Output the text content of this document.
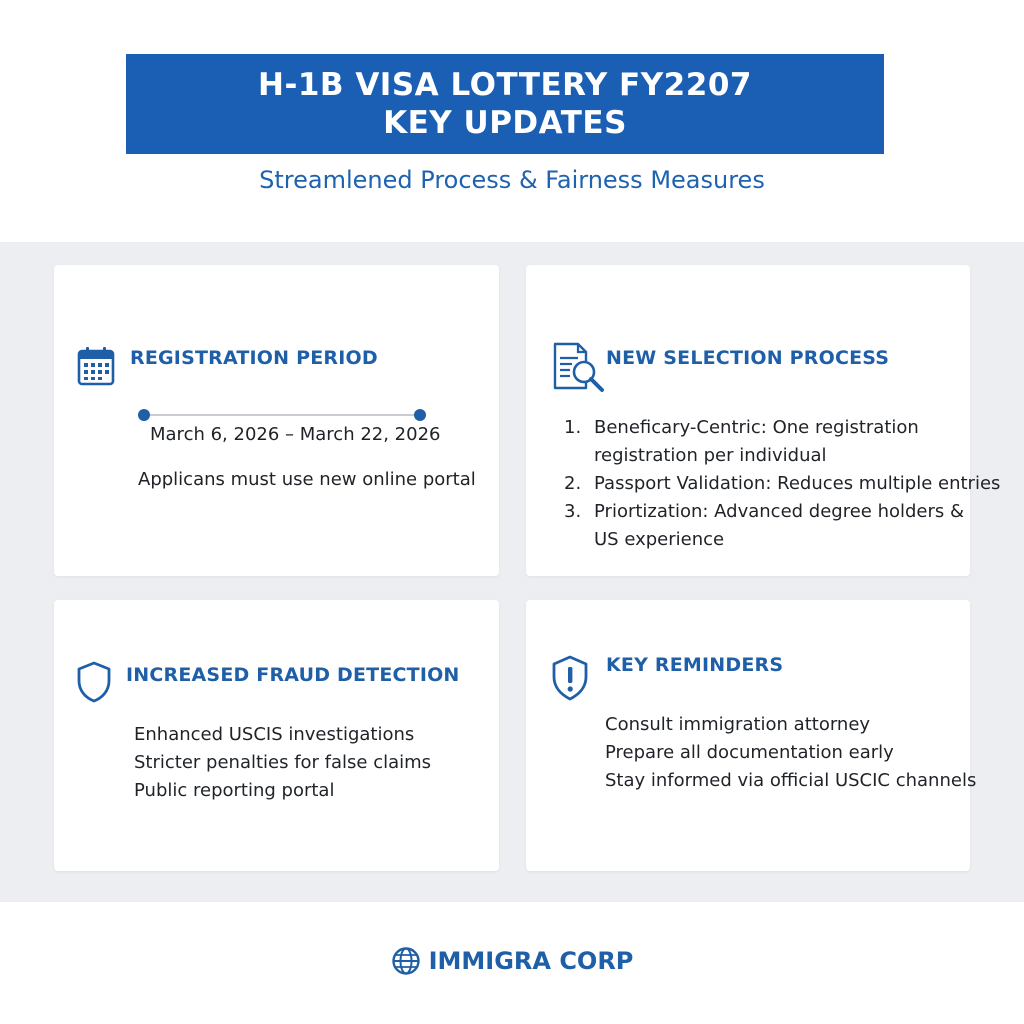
H-1B VISA LOTTERY FY2207
KEY UPDATES
Streamlened Process & Fairness Measures
REGISTRATION PERIOD
March 6, 2026 – March 22, 2026
Applicans must use new online portal
NEW SELECTION PROCESS
1. Beneficary-Centric: One registration
registration per individual
2. Passport Validation: Reduces multiple entries
3. Priortization: Advanced degree holders &
US experience
INCREASED FRAUD DETECTION
Enhanced USCIS investigations
Stricter penalties for false claims
Public reporting portal
KEY REMINDERS
Consult immigration attorney
Prepare all documentation early
Stay informed via official USCIC channels
IMMIGRA CORP
